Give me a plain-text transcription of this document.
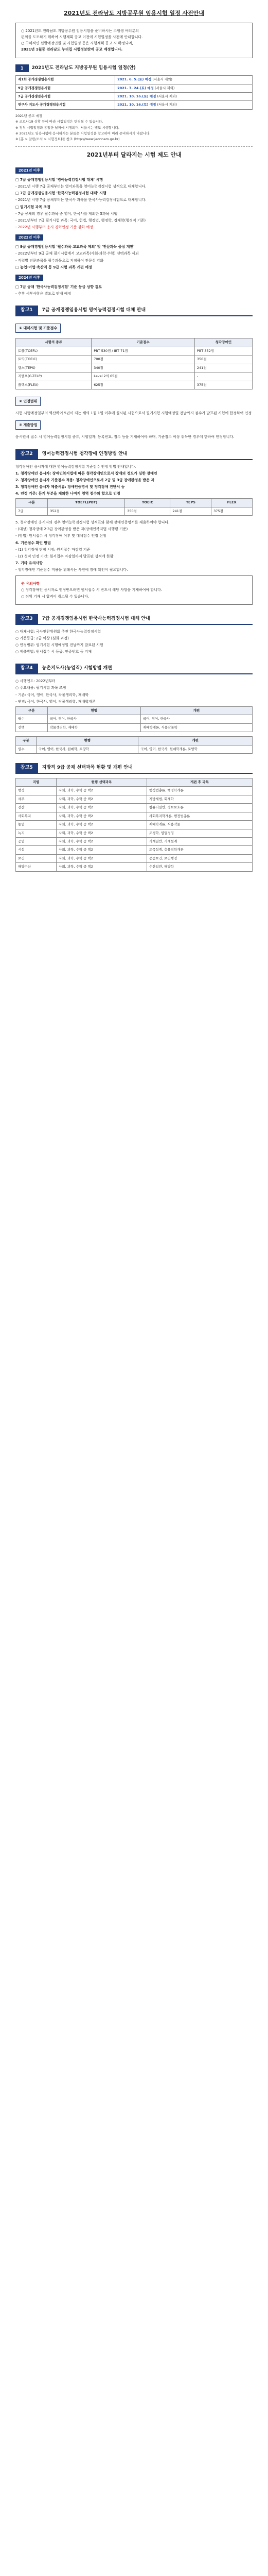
2021년도 전라남도 지방공무원 임용시험 일정 사전안내

○ 2021년도 전라남도 지방공무원 임용시험을 준비하시는 수험생 여러분의

편의를 도모하기 위하여 시행계획 공고 이전에 시험일정을 사전에 안내합니다.

○ 구체적인 선발예정인원 및 시험일정 등은 시행계획 공고 시 확정되며,

2021년 1월중 전라남도 누리집 시험정보란에 공고 예정입니다.

1	2021년도 전라남도 지방공무원 임용시험 일정(안)
제1회 공개경쟁임용시험	2021. 6. 5.(토) 예정 (서울시 제외)
9급 공개경쟁임용시험	2021. 7. 24.(토) 예정 (서울시 제외)
7급 공개경쟁임용시험	2021. 10. 16.(토) 예정 (서울시 제외)
연구사 지도사 공개경쟁임용시험	2021. 10. 16.(토) 예정 (서울시 제외)

2021년 공고 예정

※ 코로나19 상황 등에 따라 시험일정은 변경될 수 있습니다.

※ 정부 시험일정과 동일한 날짜에 시행되며, 서울시는 별도 시행합니다.

※ 2021년도 임용시험에 응시하시는 분들은 시험일정을 참고하여 미리 준비하시기 바랍니다.

※ [홈 > 알림/소식 > 시험정보]를 참조 (http://www.jeonnam.go.kr)

2021년부터 달라지는 시험 제도 안내
2021년 이후

□ 7급 공개경쟁임용시험 '영어능력검정시험 대체' 시행

- 2021년 시행 7급 공채부터는 영어과목을 영어능력검정시험 성적으로 대체합니다.

□ 7급 공개경쟁임용시험 '한국사능력검정시험 대체' 시행

- 2021년 시행 7급 공채부터는 한국사 과목을 한국사능력검정시험으로 대체합니다.

□ 필기시험 과목 조정

- 7급 공채의 경우 필수과목 중 영어, 한국사를 제외한 5과목 시행

- 2021년부터 7급 필기시험 과목: 국어, 헌법, 행정법, 행정학, 경제학(행정직 기준)

- 2022년 시행부터 응시 경력인정 기준 강화 예정

2022년 이후

□ 9급 공개경쟁임용시험 '필수과목 고교과목 제외' 및 '전문과목 중심 개편'

- 2022년부터 9급 공채 필기시험에서 고교과목(사회·과학·수학) 선택과목 제외

- 직렬별 전문과목을 필수과목으로 지정하여 전문성 강화

□ 농업·어업·축산직 등 9급 시험 과목 개편 예정

2024년 이후

□ 7급 공채 '한국사능력검정시험' 기준 등급 상향 검토

- 추후 세부사항은 별도로 안내 예정

참고1	7급 공개경쟁임용시험 영어능력검정시험 대체 안내
① 대체시험 및 기준점수
시험의 종류	기준점수	청각장애인
토플(TOEFL)	PBT 530점 / IBT 71점	PBT 352점
토익(TOEIC)	700점	350점
텝스(TEPS)	340점	241점
지텔프(G-TELP)	Level 2의 65점	-
플렉스(FLEX)	625점	375점
② 인정범위

시험 시행예정일부터 역산하여 5년이 되는 해의 1월 1일 이후에 실시된 시험으로서 필기시험 시행예정일 전날까지 점수가 발표된 시험에 한정하여 인정

③ 제출방법

응시원서 접수 시 영어능력검정시험 종류, 시험일자, 등록번호, 점수 등을 기재하여야 하며, 기준점수 이상 취득한 경우에 한하여 인정합니다.

참고2	영어능력검정시험 청각장애 인정방법 안내

청각장애인 응시자에 대한 영어능력검정시험 기준점수 인정 방법 안내입니다.

1. 청각장애인 응시자: 장애인복지법에 따른 청각장애인으로서 장애의 정도가 심한 장애인

2. 청각장애인 응시자 기준점수 적용: 청각장애인으로서 2급 및 3급 장애판정을 받은 자

3. 청각장애인 응시자 제출서류: 장애인증명서 및 청각장애 진단서 등

4. 인정 기준: 듣기 부분을 제외한 나머지 영역 점수의 합으로 인정

구분	TOEFL(PBT)	TOEIC	TEPS	FLEX
7급	352점	350점	241점	375점

5. 청각장애인 응시자의 경우 영어능력검정시험 성적표와 함께 장애인증명서를 제출하여야 합니다.

- (대상) 청각장애 2·3급 장애판정을 받은 자(장애인복지법 시행령 기준)

- (방법) 원서접수 시 청각장애 여부 및 대체점수 인정 신청

6. 기준점수 확인 방법

- (1) 청각장애 판정 시점: 원서접수 마감일 기준

- (2) 성적 인정 기간: 원서접수 마감일까지 발표된 성적에 한함

7. 기타 유의사항

- 청각장애인 기준점수 적용을 위해서는 사전에 장애 확인이 필요합니다.

※ 유의사항

○ 청각장애인 응시자로 인정받으려면 원서접수 시 반드시 해당 사항을 기재하여야 합니다.

○ 허위 기재 시 합격이 취소될 수 있습니다.

참고3	7급 공개경쟁임용시험 한국사능력검정시험 대체 안내

○ 대체시험: 국사편찬위원회 주관 한국사능력검정시험

○ 기준등급: 2급 이상 (심화 과정)

○ 인정범위: 필기시험 시행예정일 전날까지 발표된 시험

○ 제출방법: 원서접수 시 등급, 인증번호 등 기재

참고4	농촌지도사(농업직) 시험방법 개편

○ 시행연도: 2022년부터

○ 주요내용: 필기시험 과목 조정

- 기존: 국어, 영어, 한국사, 작물생리학, 재배학

- 변경: 국어, 한국사, 영어, 작물생리학, 재배학개론

구분	현행	개편
필수	국어, 영어, 한국사	국어, 영어, 한국사
선택	작물생리학, 재배학	재배학개론, 식용작물학
구분	현행	개편
필수	국어, 영어, 한국사, 원예학, 토양학	국어, 영어, 한국사, 원예학개론, 토양학
참고5	지방직 9급 공채 선택과목 현황 및 개편 안내
직렬	현행 선택과목	개편 후 과목
행정	사회, 과학, 수학 중 택2	행정법총론, 행정학개론
세무	사회, 과학, 수학 중 택2	지방세법, 회계학
전산	사회, 과학, 수학 중 택2	컴퓨터일반, 정보보호론
사회복지	사회, 과학, 수학 중 택2	사회복지학개론, 행정법총론
농업	사회, 과학, 수학 중 택2	재배학개론, 식용작물
녹지	사회, 과학, 수학 중 택2	조경학, 임업경영
공업	사회, 과학, 수학 중 택2	기계일반, 기계설계
시설	사회, 과학, 수학 중 택2	토목설계, 응용역학개론
보건	사회, 과학, 수학 중 택2	공중보건, 보건행정
해양수산	사회, 과학, 수학 중 택2	수산일반, 해양학
